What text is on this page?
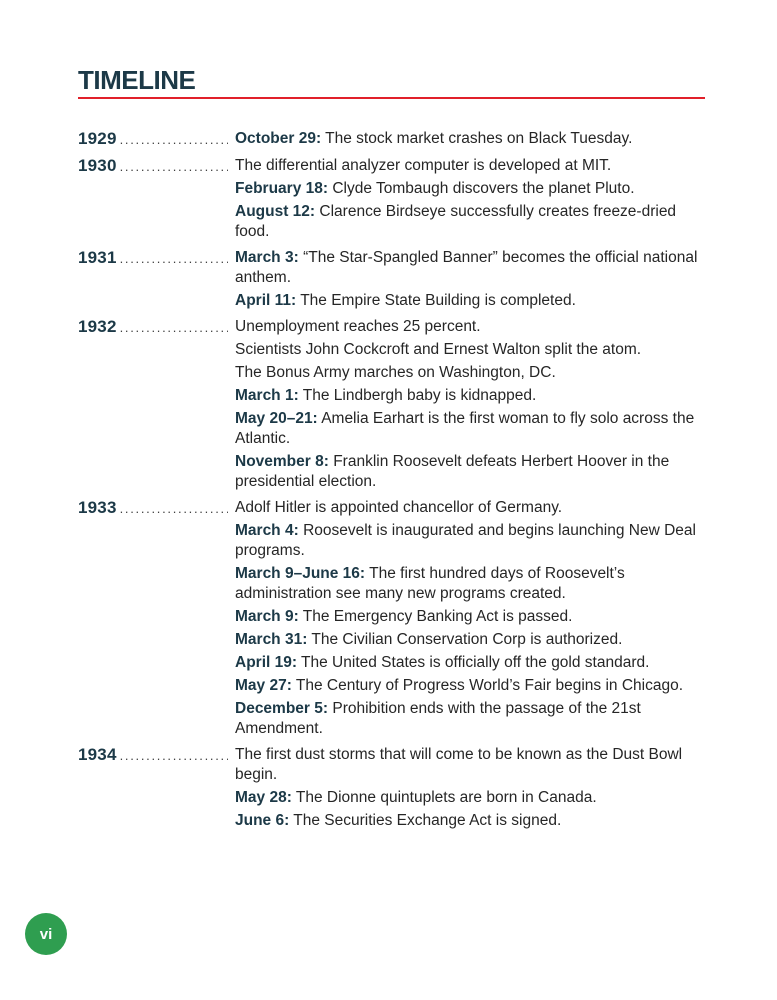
TIMELINE
1929 .....	October 29: The stock market crashes on Black Tuesday.

1930 .....	The differential analyzer computer is developed at MIT.

February 18: Clyde Tombaugh discovers the planet Pluto.

August 12: Clarence Birdseye successfully creates freeze-dried food.

1931 .....	March 3: “The Star-Spangled Banner” becomes the official national anthem.

April 11: The Empire State Building is completed.

1932 .....	Unemployment reaches 25 percent.

Scientists John Cockcroft and Ernest Walton split the atom.

The Bonus Army marches on Washington, DC.

March 1: The Lindbergh baby is kidnapped.

May 20–21: Amelia Earhart is the first woman to fly solo across the Atlantic.

November 8: Franklin Roosevelt defeats Herbert Hoover in the presidential election.

1933 .....	Adolf Hitler is appointed chancellor of Germany.

March 4: Roosevelt is inaugurated and begins launching New Deal programs.

March 9–June 16: The first hundred days of Roosevelt’s administration see many new programs created.

March 9: The Emergency Banking Act is passed.

March 31: The Civilian Conservation Corp is authorized.

April 19: The United States is officially off the gold standard.

May 27: The Century of Progress World’s Fair begins in Chicago.

December 5: Prohibition ends with the passage of the 21st Amendment.

1934 .....	The first dust storms that will come to be known as the Dust Bowl begin.

May 28: The Dionne quintuplets are born in Canada.

June 6: The Securities Exchange Act is signed.

vi
